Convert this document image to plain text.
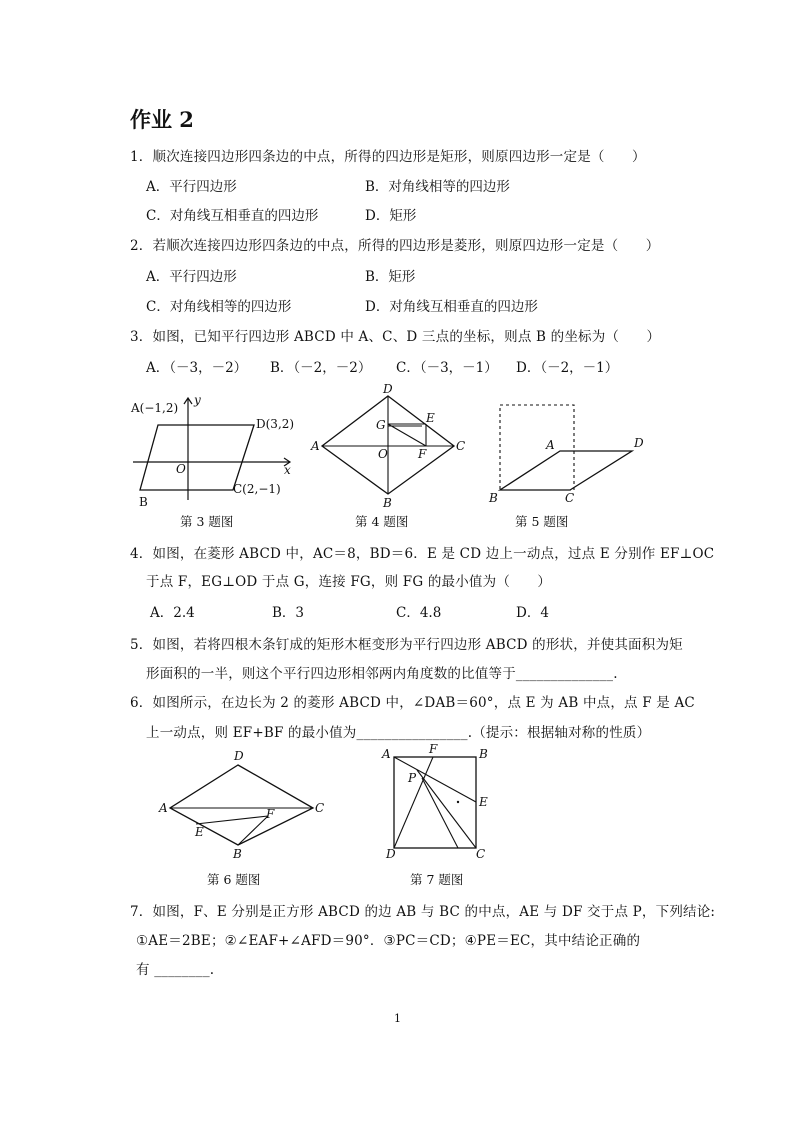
作业 2
1．顺次连接四边形四条边的中点，所得的四边形是矩形，则原四边形一定是（　　）
A．平行四边形	B．对角线相等的四边形
C．对角线互相垂直的四边形	D．矩形
2．若顺次连接四边形四条边的中点，所得的四边形是菱形，则原四边形一定是（　　）
A．平行四边形	B．矩形
C．对角线相等的四边形	D．对角线互相垂直的四边形
3．如图，已知平行四边形 ABCD 中 A、C、D 三点的坐标，则点 B 的坐标为（　　）
A．（－3，－2） B．（－2，－2） C．（－3，－1） D．（－2，－1）
A(−1,2)
D(3,2)
B
C(2,−1)
O	x
y
D
A	C
B
E
G
F
O
A	D
B	C
D
A	C
B
E
F
A	F	B
P
E
D	C
第 3 题图	第 4 题图	第 5 题图
4．如图，在菱形 ABCD 中，AC＝8，BD＝6．E 是 CD 边上一动点，过点 E 分别作 EF⊥OC
于点 F，EG⊥OD 于点 G，连接 FG，则 FG 的最小值为（　　）
A．2.4	B．3	C．4.8	D．4
5．如图，若将四根木条钉成的矩形木框变形为平行四边形 ABCD 的形状，并使其面积为矩
形面积的一半，则这个平行四边形相邻两内角度数的比值等于______________.
6．如图所示，在边长为 2 的菱形 ABCD 中，∠DAB＝60°，点 E 为 AB 中点，点 F 是 AC
上一动点，则 EF+BF 的最小值为________________.（提示：根据轴对称的性质）
第 6 题图	第 7 题图
7．如图，F、E 分别是正方形 ABCD 的边 AB 与 BC 的中点，AE 与 DF 交于点 P，下列结论:
①AE＝2BE；②∠EAF+∠AFD＝90°．③PC＝CD；④PE＝EC，其中结论正确的
有 ________.
1
